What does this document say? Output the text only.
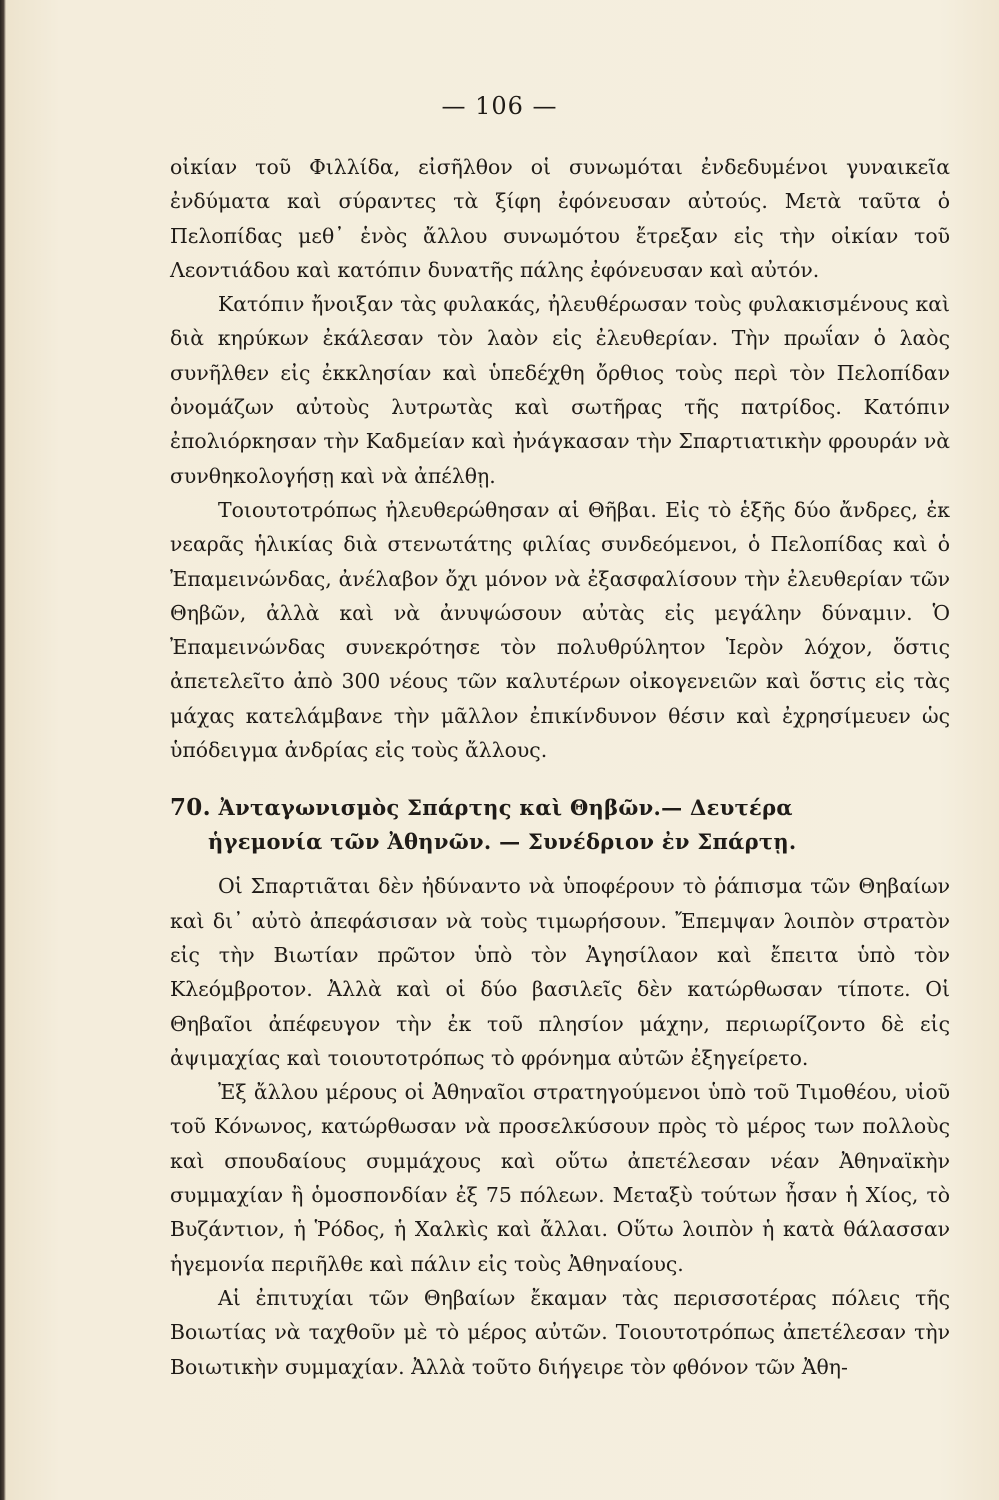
— 106 —

οἰκίαν τοῦ Φιλλίδα, εἰσῆλθον οἱ συνωμόται ἐνδεδυμένοι γυναικεῖα ἐνδύματα καὶ σύραντες τὰ ξίφη ἐφόνευσαν αὐτούς. Μετὰ ταῦτα ὁ Πελοπίδας μεθ᾽ ἑνὸς ἄλλου συνωμότου ἔτρεξαν εἰς τὴν οἰκίαν τοῦ Λεοντιάδου καὶ κατόπιν δυνατῆς πάλης ἐφόνευσαν καὶ αὐτόν.

Κατόπιν ἤνοιξαν τὰς φυλακάς, ἠλευθέρωσαν τοὺς φυλακισμένους καὶ διὰ κηρύκων ἐκάλεσαν τὸν λαὸν εἰς ἐλευθερίαν. Τὴν πρωΐαν ὁ λαὸς συνῆλθεν εἰς ἐκκλησίαν καὶ ὑπεδέχθη ὄρθιος τοὺς περὶ τὸν Πελοπίδαν ὀνομάζων αὐτοὺς λυτρωτὰς καὶ σωτῆρας τῆς πατρίδος. Κατόπιν ἐπολιόρκησαν τὴν Καδμείαν καὶ ἠνάγκασαν τὴν Σπαρτιατικὴν φρουράν νὰ συνθηκολογήσῃ καὶ νὰ ἀπέλθῃ.

Τοιουτοτρόπως ἠλευθερώθησαν αἱ Θῆβαι. Εἰς τὸ ἑξῆς δύο ἄνδρες, ἐκ νεαρᾶς ἡλικίας διὰ στενωτάτης φιλίας συνδεόμενοι, ὁ Πελοπίδας καὶ ὁ Ἐπαμεινώνδας, ἀνέλαβον ὄχι μόνον νὰ ἐξασφαλίσουν τὴν ἐλευθερίαν τῶν Θηβῶν, ἀλλὰ καὶ νὰ ἀνυψώσουν αὐτὰς εἰς μεγάλην δύναμιν. Ὁ Ἐπαμεινώνδας συνεκρότησε τὸν πολυθρύλητον Ἱερὸν λόχον, ὅστις ἀπετελεῖτο ἀπὸ 300 νέους τῶν καλυτέρων οἰκογενειῶν καὶ ὅστις εἰς τὰς μάχας κατελάμβανε τὴν μᾶλλον ἐπικίνδυνον θέσιν καὶ ἐχρησίμευεν ὡς ὑπόδειγμα ἀνδρίας εἰς τοὺς ἄλλους.

70. Ἀνταγωνισμὸς Σπάρτης καὶ Θηβῶν.— Δευτέρα
ἡγεμονία τῶν Ἀθηνῶν. — Συνέδριον ἐν Σπάρτῃ.

Οἱ Σπαρτιᾶται δὲν ἠδύναντο νὰ ὑποφέρουν τὸ ῥάπισμα τῶν Θηβαίων καὶ δι᾽ αὐτὸ ἀπεφάσισαν νὰ τοὺς τιμωρήσουν. Ἔπεμψαν λοιπὸν στρατὸν εἰς τὴν Βιωτίαν πρῶτον ὑπὸ τὸν Ἀγησίλαον καὶ ἔπειτα ὑπὸ τὸν Κλεόμβροτον. Ἀλλὰ καὶ οἱ δύο βασιλεῖς δὲν κατώρθωσαν τίποτε. Οἱ Θηβαῖοι ἀπέφευγον τὴν ἐκ τοῦ πλησίον μάχην, περιωρίζοντο δὲ εἰς ἀψιμαχίας καὶ τοιουτοτρόπως τὸ φρόνημα αὐτῶν ἐξηγείρετο.

Ἐξ ἄλλου μέρους οἱ Ἀθηναῖοι στρατηγούμενοι ὑπὸ τοῦ Τιμοθέου, υἱοῦ τοῦ Κόνωνος, κατώρθωσαν νὰ προσελκύσουν πρὸς τὸ μέρος των πολλοὺς καὶ σπουδαίους συμμάχους καὶ οὕτω ἀπετέλεσαν νέαν Ἀθηναϊκὴν συμμαχίαν ἢ ὁμοσπονδίαν ἐξ 75 πόλεων. Μεταξὺ τούτων ἦσαν ἡ Χίος, τὸ Βυζάντιον, ἡ Ῥόδος, ἡ Χαλκὶς καὶ ἄλλαι. Οὕτω λοιπὸν ἡ κατὰ θάλασσαν ἡγεμονία περιῆλθε καὶ πάλιν εἰς τοὺς Ἀθηναίους.

Αἱ ἐπιτυχίαι τῶν Θηβαίων ἔκαμαν τὰς περισσοτέρας πόλεις τῆς Βοιωτίας νὰ ταχθοῦν μὲ τὸ μέρος αὐτῶν. Τοιουτοτρόπως ἀπετέλεσαν τὴν Βοιωτικὴν συμμαχίαν. Ἀλλὰ τοῦτο διήγειρε τὸν φθόνον τῶν Ἀθη-
